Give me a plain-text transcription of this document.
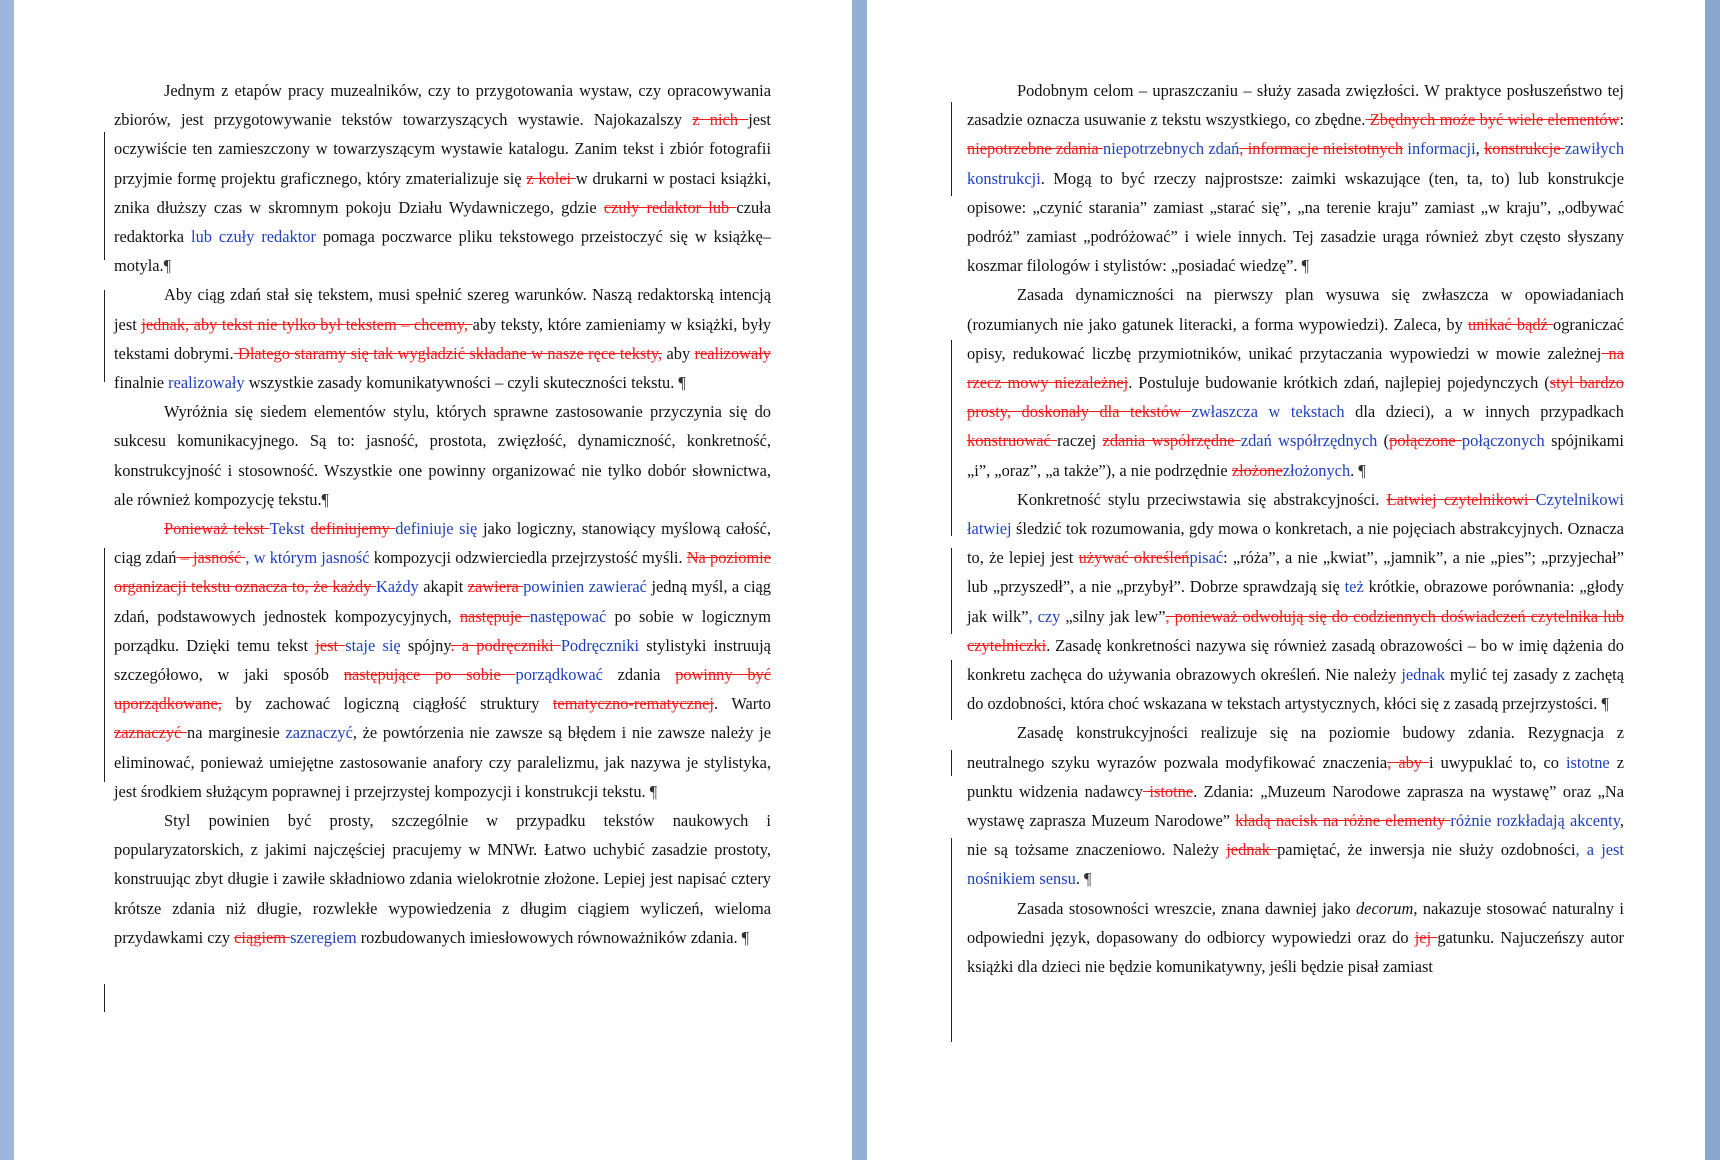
Jednym z etapów pracy muzealników, czy to przygotowania wystaw, czy opracowywania zbiorów, jest przygotowywanie tekstów towarzyszących wystawie. Najokazalszy z nich jest oczywiście ten zamieszczony w towarzyszącym wystawie katalogu. Zanim tekst i zbiór fotografii przyjmie formę projektu graficznego, który zmaterializuje się z kolei w drukarni w postaci książki, znika dłuższy czas w skromnym pokoju Działu Wydawniczego, gdzie czuły redaktor lub czuła redaktorka lub czuły redaktor pomaga poczwarce pliku tekstowego przeistoczyć się w książkę–motyla.¶

Aby ciąg zdań stał się tekstem, musi spełnić szereg warunków. Naszą redaktorską intencją jest jednak, aby tekst nie tylko był tekstem – chcemy, aby teksty, które zamieniamy w książki, były tekstami dobrymi. Dlatego staramy się tak wygładzić składane w nasze ręce teksty, aby realizowały finalnie realizowały wszystkie zasady komunikatywności – czyli skuteczności tekstu. ¶

Wyróżnia się siedem elementów stylu, których sprawne zastosowanie przyczynia się do sukcesu komunikacyjnego. Są to: jasność, prostota, zwięzłość, dynamiczność, konkretność, konstrukcyjność i stosowność. Wszystkie one powinny organizować nie tylko dobór słownictwa, ale również kompozycję tekstu.¶

Ponieważ tekst Tekst definiujemy definiuje się jako logiczny, stanowiący myślową całość, ciąg zdań – jasność , w którym jasność kompozycji odzwierciedla przejrzystość myśli. Na poziomie organizacji tekstu oznacza to, że każdy Każdy akapit zawiera powinien zawierać jedną myśl, a ciąg zdań, podstawowych jednostek kompozycyjnych, następuje następować po sobie w logicznym porządku. Dzięki temu tekst jest staje się spójny. a podręczniki Podręczniki stylistyki instruują szczegółowo, w jaki sposób następujące po sobie porządkować zdania powinny być uporządkowane, by zachować logiczną ciągłość struktury tematyczno-rematycznej. Warto zaznaczyć na marginesie zaznaczyć, że powtórzenia nie zawsze są błędem i nie zawsze należy je eliminować, ponieważ umiejętne zastosowanie anafory czy paralelizmu, jak nazywa je stylistyka, jest środkiem służącym poprawnej i przejrzystej kompozycji i konstrukcji tekstu. ¶

Styl powinien być prosty, szczególnie w przypadku tekstów naukowych i popularyzatorskich, z jakimi najczęściej pracujemy w MNWr. Łatwo uchybić zasadzie prostoty, konstruując zbyt długie i zawiłe składniowo zdania wielokrotnie złożone. Lepiej jest napisać cztery krótsze zdania niż długie, rozwlekłe wypowiedzenia z długim ciągiem wyliczeń, wieloma przydawkami czy ciągiem szeregiem rozbudowanych imiesłowowych równoważników zdania. ¶

Podobnym celom – upraszczaniu – służy zasada zwięzłości. W praktyce posłuszeństwo tej zasadzie oznacza usuwanie z tekstu wszystkiego, co zbędne. Zbędnych może być wiele elementów: niepotrzebne zdania niepotrzebnych zdań, informacje nieistotnych informacji, konstrukcje zawiłych konstrukcji. Mogą to być rzeczy najprostsze: zaimki wskazujące (ten, ta, to) lub konstrukcje opisowe: „czynić starania” zamiast „starać się”, „na terenie kraju” zamiast „w kraju”, „odbywać podróż” zamiast „podróżować” i wiele innych. Tej zasadzie urąga również zbyt często słyszany koszmar filologów i stylistów: „posiadać wiedzę”. ¶

Zasada dynamiczności na pierwszy plan wysuwa się zwłaszcza w opowiadaniach (rozumianych nie jako gatunek literacki, a forma wypowiedzi). Zaleca, by unikać bądź ograniczać opisy, redukować liczbę przymiotników, unikać przytaczania wypowiedzi w mowie zależnej na rzecz mowy niezależnej. Postuluje budowanie krótkich zdań, najlepiej pojedynczych (styl bardzo prosty, doskonały dla tekstów zwłaszcza w tekstach dla dzieci), a w innych przypadkach konstruować raczej zdania współrzędne zdań współrzędnych (połączone połączonych spójnikami „i”, „oraz”, „a także”), a nie podrzędnie złożonezłożonych. ¶

Konkretność stylu przeciwstawia się abstrakcyjności. Łatwiej czytelnikowi Czytelnikowi łatwiej śledzić tok rozumowania, gdy mowa o konkretach, a nie pojęciach abstrakcyjnych. Oznacza to, że lepiej jest używać określeńpisać: „róża”, a nie „kwiat”, „jamnik”, a nie „pies”; „przyjechał” lub „przyszedł”, a nie „przybył”. Dobrze sprawdzają się też krótkie, obrazowe porównania: „głody jak wilk”, czy „silny jak lew”, ponieważ odwołują się do codziennych doświadczeń czytelnika lub czytelniczki. Zasadę konkretności nazywa się również zasadą obrazowości – bo w imię dążenia do konkretu zachęca do używania obrazowych określeń. Nie należy jednak mylić tej zasady z zachętą do ozdobności, która choć wskazana w tekstach artystycznych, kłóci się z zasadą przejrzystości. ¶

Zasadę konstrukcyjności realizuje się na poziomie budowy zdania. Rezygnacja z neutralnego szyku wyrazów pozwala modyfikować znaczenia, aby i uwypuklać to, co istotne z punktu widzenia nadawcy istotne. Zdania: „Muzeum Narodowe zaprasza na wystawę” oraz „Na wystawę zaprasza Muzeum Narodowe” kładą nacisk na różne elementy różnie rozkładają akcenty, nie są tożsame znaczeniowo. Należy jednak pamiętać, że inwersja nie służy ozdobności, a jest nośnikiem sensu. ¶

Zasada stosowności wreszcie, znana dawniej jako decorum, nakazuje stosować naturalny i odpowiedni język, dopasowany do odbiorcy wypowiedzi oraz do jej gatunku. Najuczeńszy autor książki dla dzieci nie będzie komunikatywny, jeśli będzie pisał zamiast
